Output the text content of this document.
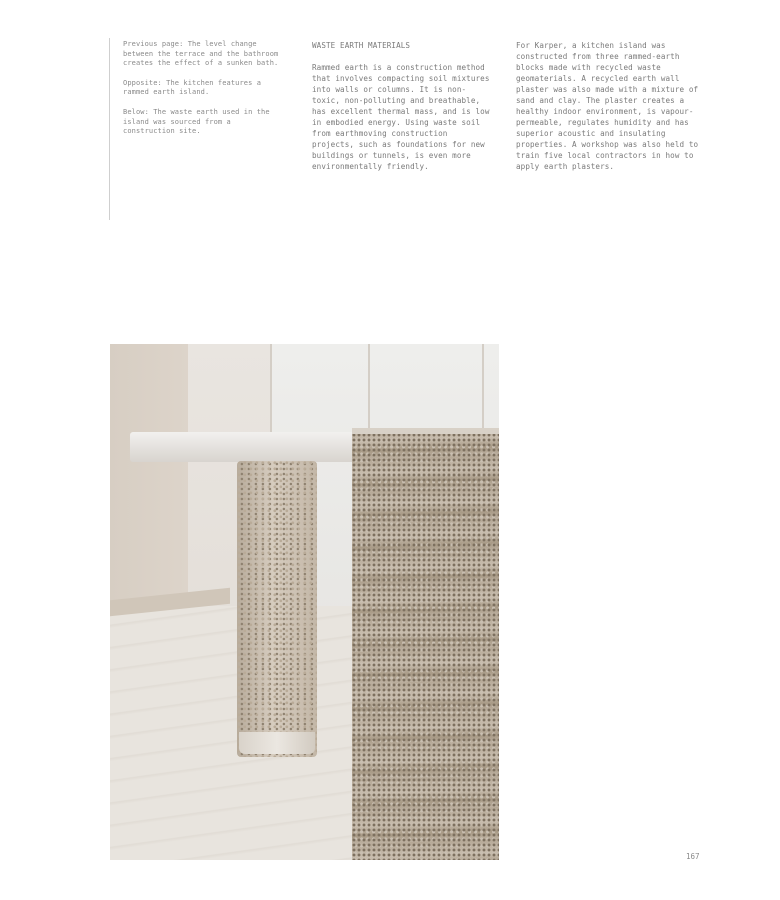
Previous page: The level change between the terrace and the bathroom creates the effect of a sunken bath.

Opposite: The kitchen features a rammed earth island.

Below: The waste earth used in the island was sourced from a construction site.

WASTE EARTH MATERIALS

Rammed earth is a construction method that involves compacting soil mixtures into walls or columns. It is non-toxic, non-polluting and breathable, has excellent thermal mass, and is low in embodied energy. Using waste soil from earthmoving construction projects, such as foundations for new buildings or tunnels, is even more environmentally friendly.

For Karper, a kitchen island was constructed from three rammed-earth blocks made with recycled waste geomaterials. A recycled earth wall plaster was also made with a mixture of sand and clay. The plaster creates a healthy indoor environment, is vapour-permeable, regulates humidity and has superior acoustic and insulating properties. A workshop was also held to train five local contractors in how to apply earth plasters.

167
